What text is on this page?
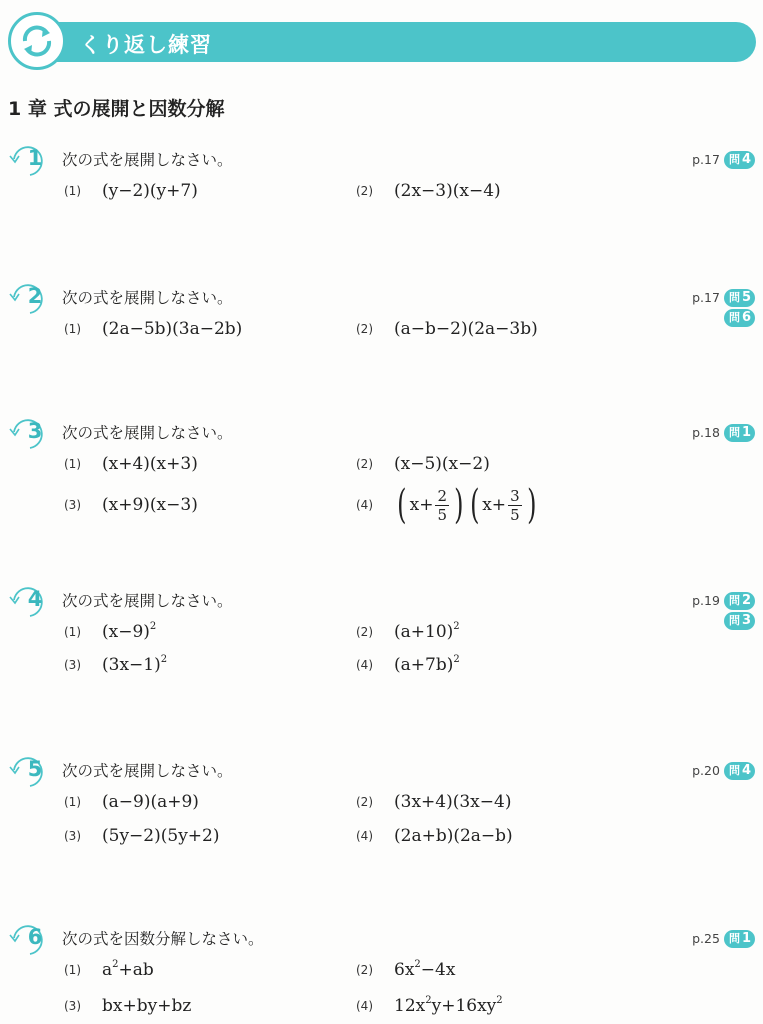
くり返し練習
1 章 式の展開と因数分解
1	次の式を展開しなさい。	p.17 問 4
(1) (y−2)(y+7)	(2) (2x−3)(x−4)
2	次の式を展開しなさい。	p.17 問 5
問 6
(1) (2a−5b)(3a−2b)	(2) (a−b−2)(2a−3b)
3	次の式を展開しなさい。	p.18 問 1
(1) (x+4)(x+3)	(2) (x−5)(x−2)
(3) (x+9)(x−3)	(4) ( $x+ \frac{2}{5}$ ) ( $x+ \frac{3}{5}$ )
4	次の式を展開しなさい。	p.19 問 2
問 3
(1) $(x-9)^2$	(2) $(a+10)^2$
(3) $(3x-1)^2$	(4) $(a+7b)^2$
5	次の式を展開しなさい。	p.20 問 4
(1) (a−9)(a+9)	(2) (3x+4)(3x−4)
(3) (5y−2)(5y+2)	(4) (2a+b)(2a−b)
6	次の式を因数分解しなさい。	p.25 問 1
(1) $a^2+ab$	(2) $6x^2-4x$
(3) bx+by+bz	(4) $12x^2y+16xy^2$
